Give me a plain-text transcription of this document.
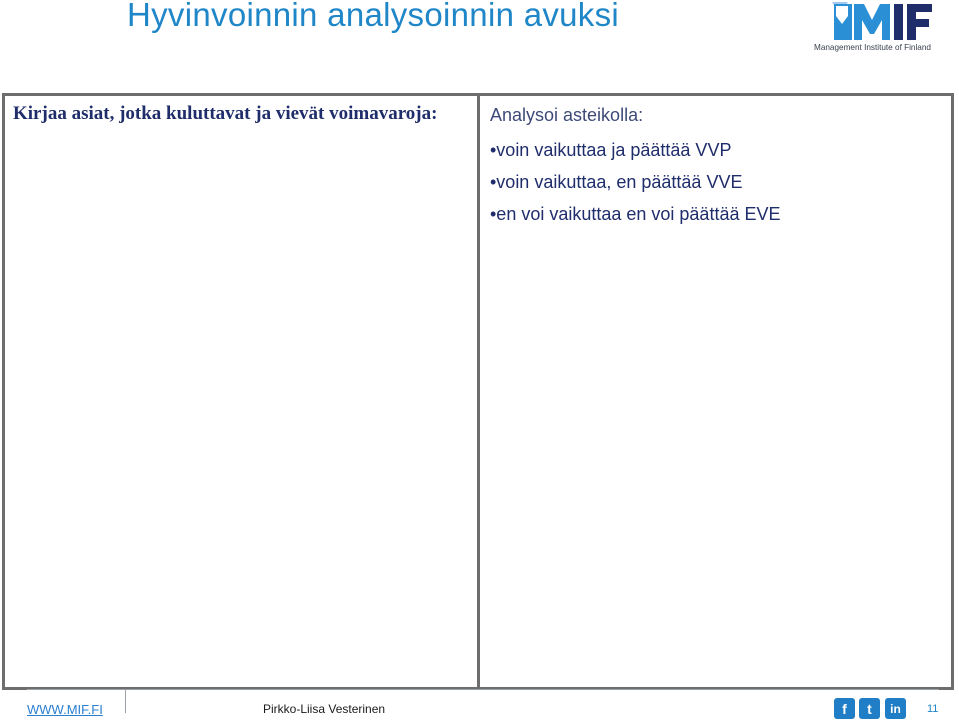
Hyvinvoinnin analysoinnin avuksi
Management Institute of Finland
Kirjaa asiat, jotka kuluttavat ja vievät voimavaroja:	Analysoi asteikolla:
•voin vaikuttaa ja päättää VVP
•voin vaikuttaa, en päättää VVE
•en voi vaikuttaa en voi päättää EVE
WWW.MIF.FI	Pirkko-Liisa Vesterinen	f	t	in	11
